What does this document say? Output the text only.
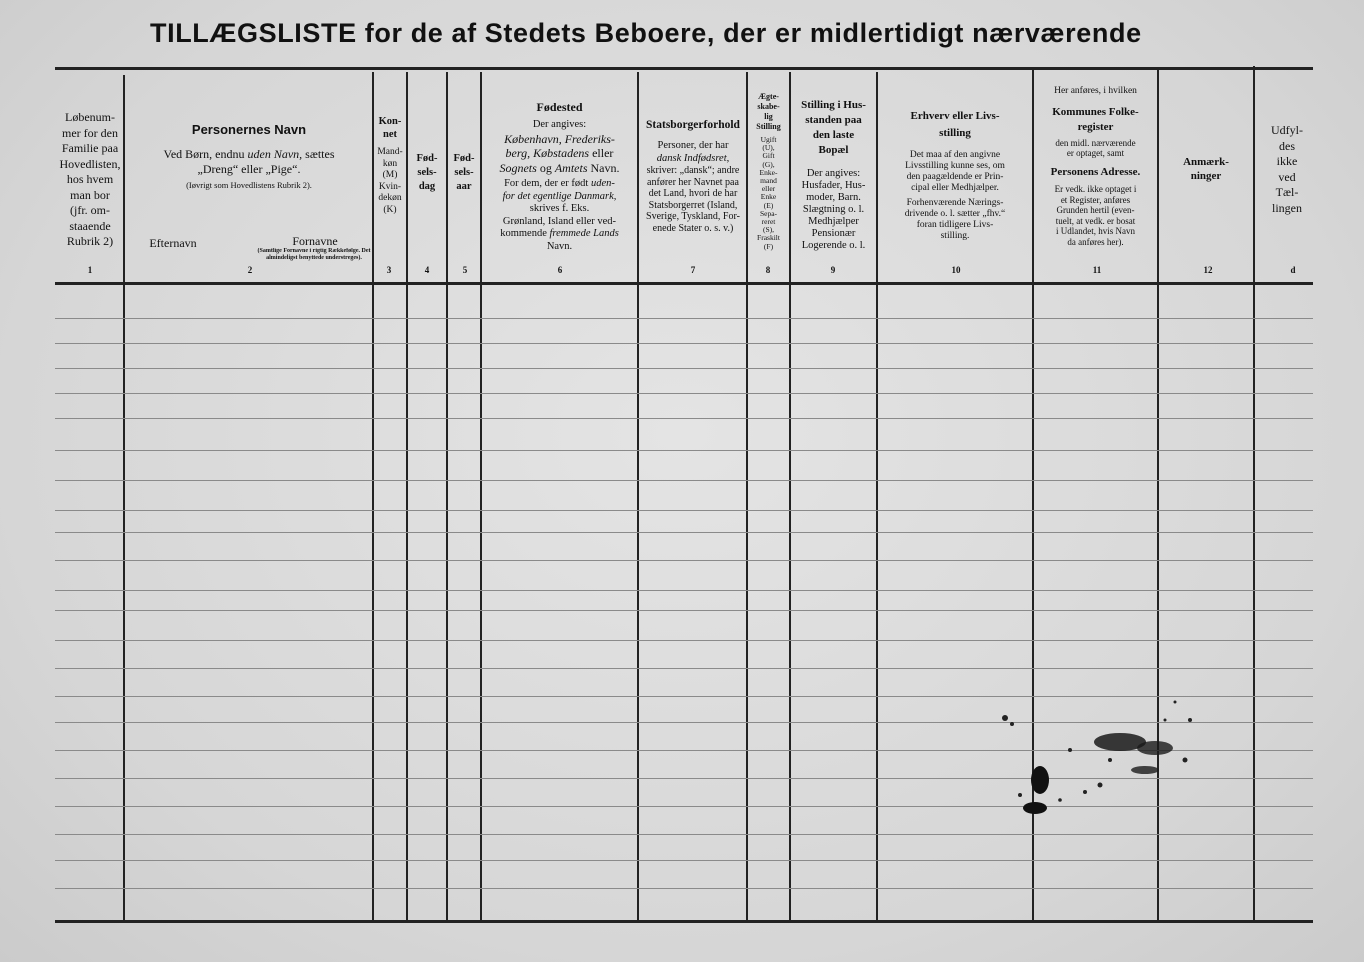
TILLÆGSLISTE for de af Stedets Beboere, der er midlertidigt nærværende
Løbenum-
mer for den
Familie paa
Hovedlisten,
hos hvem
man bor
(jfr. om-
staaende
Rubrik 2)
1
Personernes Navn
Ved Børn, endnu uden Navn, sættes
„Dreng“ eller „Pige“.
(Iøvrigt som Hovedlistens Rubrik 2).
Efternavn	Fornavne
(Samtlige Fornavne i rigtig Rækkefølge. Det almindeligst benyttede understreges).
2
Kon-
net
Mand-
køn
(M)
Kvin-
dekøn
(K)
3
Fød-
sels-
dag
4
Fød-
sels-
aar
5
Fødested
Der angives:
København, Frederiks-
berg, Købstadens eller
Sognets og Amtets Navn.
For dem, der er født uden-
for det egentlige Danmark,
skrives f. Eks.
Grønland, Island eller ved-
kommende fremmede Lands
Navn.
6
Statsborgerforhold
Personer, der har

dansk Indfødsret,
skriver: „dansk“; andre
anfører her Navnet paa
det Land, hvori de har
Statsborgerret (Island,
Sverige, Tyskland, For-
enede Stater o. s. v.)
7
Ægte-
skabe-
lig
Stilling
Ugift
(U),
Gift
(G),
Enke-
mand
eller
Enke
(E)
Sepa-
reret
(S),
Fraskilt
(F)
8
Stilling i Hus-
standen paa
den laste
Bopæl
Der angives:
Husfader, Hus-
moder, Barn.
Slægtning o. l.
Medhjælper
Pensionær
Logerende o. l.
9
Erhverv eller Livs-
stilling
Det maa af den angivne
Livsstilling kunne ses, om
den paagældende er Prin-
cipal eller Medhjælper.
Forhenværende Nærings-
drivende o. l. sætter „fhv.“
foran tidligere Livs-
stilling.
10
Her anføres, i hvilken
Kommunes Folke-
register
den midl. nærværende
er optaget, samt
Personens Adresse.
Er vedk. ikke optaget i
et Register, anføres
Grunden hertil (even-
tuelt, at vedk. er bosat
i Udlandet, hvis Navn
da anføres her).
11
Anmærk-
ninger
12
Udfyl-
des
ikke
ved
Tæl-
lingen
d
